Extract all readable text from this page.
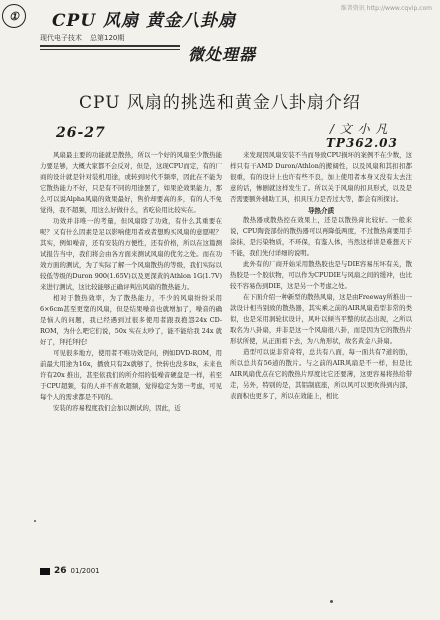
维普资讯 http://www.cqvip.com
① CPU 风扇 黄金八卦扇
微处理器
现代电子技术 总第120期
CPU 风扇的挑选和黄金八卦扇介绍
26-27	/ 文 小 凡
TP362.03

风扇最主要的功能就是散热，所以一个好的风扇至少散热能力要足够，大概大家都不会反对，但是，这现CPU而定，有的厂商的设计就是针对装机用途，或转到时代不频率，因此在不能为它散热能力不好，只是有不同的用途罢了，如果论效果能力，那么可以说Alpha风扇的效果最好，售价却要高的多，有的人不免觉得，我不超频，用这么好做什么，省吃俭用比较实在。

功效并非唯一的考量，但风扇除了功效，有什么其重要在呢？又有什么因素是足以影响使用者或者想购买风扇的意愿呢？其实，例如噪音，还有安装的方便性，还有价格，所以在这篇测试报告当中，我们将会由各方面来测试风扇的优劣之处。而在功效方面的测试，为了实际了解一个风扇散热的等级，我们实际以较低等级的Duron 900(1.65V)以及更深黄的Athlon 1G(1.7V)来进行测试，这比较能够正确评判出风扇的散热能力。

相对于散热效率，为了散热能力，不少的风扇纷纷采用6×6cm甚至更宽的风扇，但是结果噪音也就增加了，噪音的确是恼人的问题，我已经遇到过很多使用者跟我抱怨24x CD-ROM，为什么吧它们说，50x 实在太吵了，能不能给我 24x 就好了，拜托拜托!

可见很多地方，使用者不唯功效是问，例如DVD-ROM，用前最大用途为16x，播放只有2x就够了，快转也没多8x，未来也许有20x 推出，甚至依我们的所介绍的低噪音硬盘是一样，若至于CPU超频，有的人并不喜欢超频，觉得稳定为第一考虑，可见每个人的需求都是不同的。

安装的容易程度我们会加以测试的，因此，近

来发现因风扇安装不当而导致CPU损坏的案例不在少数，这样只有干AMD Duron/Athlon的搬阔性，以及风扇和其扣扣都很重，有的设计上也许有些不良，加上使用者本身又没有太去注意的话，惨剧就这样发生了。所以关于风扇的扣具形式，以及是否需要额外辅助工具，扣具压力是否过大等，都会有所探讨。

导热介质

散热器或散热控在效果上，还是以散热膏比较好。一般来说，CPU陶瓷部份的散热器可以再降低两度，不过散热膏要用手涂抹，是污染物质，不环保，有鉴人体，当然这样讲是难想天下不能，我们先付详细的说明。

此外有的厂商开始采用散热胶也是与DIE容易压坏有关，散热胶是一个胶状物，可以作为CPUDIE与风扇之间的缓冲，也比较不容易伤到DIE，这是另一个考虑之处。

在下面介绍一种新型的散热风扇，这是由Freeway所推出一款设计相当别致的散热器，其实乘之前的AIR风扇造型非常的类似，也是采用涡轮状设计，风叶以倾当平整的状态出现，之所以取名为八卦扇，并非是这一个风扇很八卦，而是因为它的散热片形状所使，从正面看下去，为八角形状，故名黄金八卦扇。

造型可以说非常奇特，总共有八面，每一面共有7道的肋，所以总共有56道的散片。与之前的AIR风扇是不一样，但是比AIR风扇优点在它的散热片厚度比它还要薄，这更容易将热给带走，另外，特别的是，其铝制底座，所以风可以更吹得到内部，表面积也更多了，所以在效能上，相比

26 01/2001
